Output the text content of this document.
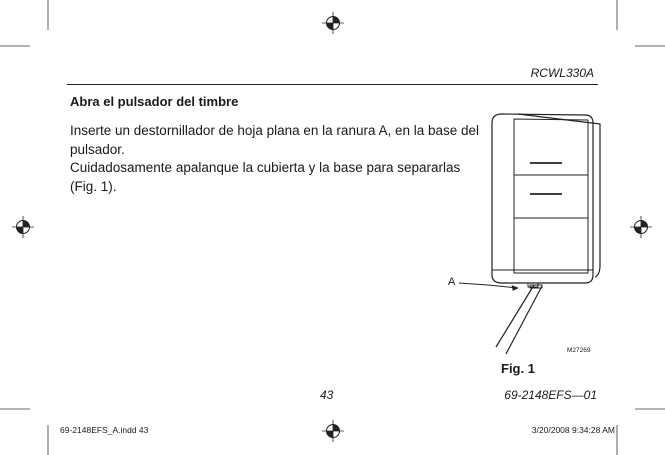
RCWL330A
Abra el pulsador del timbre
Inserte un destornillador de hoja plana en la ranura A, en la base del pulsador.
Cuidadosamente apalanque la cubierta y la base para separarlas (Fig. 1).
A
M27269
Fig. 1
43	69-2148EFS—01
69-2148EFS_A.indd 43	3/20/2008 9:34:28 AM
